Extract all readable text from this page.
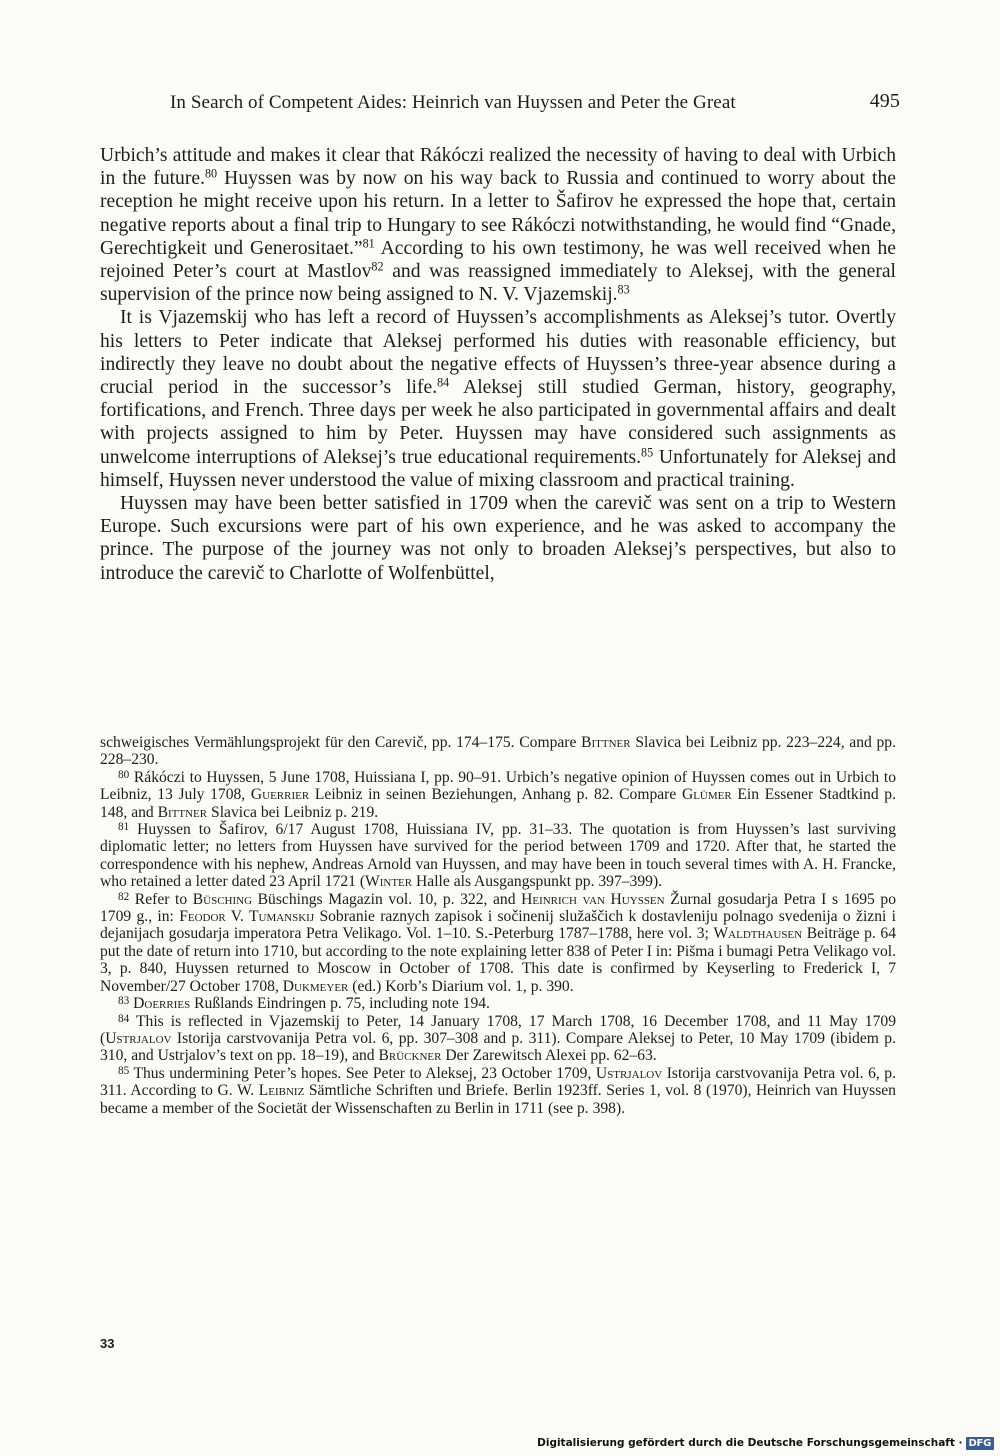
In Search of Competent Aides: Heinrich van Huyssen and Peter the Great	495

Urbich’s attitude and makes it clear that Rákóczi realized the necessity of having to deal with Urbich in the future.$^{80}$ Huyssen was by now on his way back to Russia and continued to worry about the reception he might receive upon his return. In a letter to Šafirov he expressed the hope that, certain negative reports about a final trip to Hungary to see Rákóczi notwithstanding, he would find “Gnade, Gerechtigkeit und Generositaet.”$^{81}$ According to his own testimony, he was well received when he rejoined Peter’s court at Mastlov$^{82}$ and was reassigned immediately to Aleksej, with the general supervision of the prince now being assigned to N. V. Vjazemskij.$^{83}$

It is Vjazemskij who has left a record of Huyssen’s accomplishments as Aleksej’s tutor. Overtly his letters to Peter indicate that Aleksej performed his duties with reasonable efficiency, but indirectly they leave no doubt about the negative effects of Huyssen’s three-year absence during a crucial period in the successor’s life.$^{84}$ Aleksej still studied German, history, geography, fortifications, and French. Three days per week he also participated in governmental affairs and dealt with projects assigned to him by Peter. Huyssen may have considered such assignments as unwelcome interruptions of Aleksej’s true educational requirements.$^{85}$ Unfortunately for Aleksej and himself, Huyssen never understood the value of mixing classroom and practical training.

Huyssen may have been better satisfied in 1709 when the carevič was sent on a trip to Western Europe. Such excursions were part of his own experience, and he was asked to accompany the prince. The purpose of the journey was not only to broaden Aleksej’s perspectives, but also to introduce the carevič to Charlotte of Wolfenbüttel,

schweigisches Vermählungsprojekt für den Carevič, pp. 174–175. Compare Bittner Slavica bei Leibniz pp. 223–224, and pp. 228–230.

$^{80}$ Rákóczi to Huyssen, 5 June 1708, Huissiana I, pp. 90–91. Urbich’s negative opinion of Huyssen comes out in Urbich to Leibniz, 13 July 1708, Guerrier Leibniz in seinen Beziehungen, Anhang p. 82. Compare Glümer Ein Essener Stadtkind p. 148, and Bittner Slavica bei Leibniz p. 219.

$^{81}$ Huyssen to Šafirov, 6/17 August 1708, Huissiana IV, pp. 31–33. The quotation is from Huyssen’s last surviving diplomatic letter; no letters from Huyssen have survived for the period between 1709 and 1720. After that, he started the correspondence with his nephew, Andreas Arnold van Huyssen, and may have been in touch several times with A. H. Francke, who retained a letter dated 23 April 1721 (Winter Halle als Ausgangspunkt pp. 397–399).

$^{82}$ Refer to Büsching Büschings Magazin vol. 10, p. 322, and Heinrich van Huyssen Žurnal gosudarja Petra I s 1695 po 1709 g., in: Feodor V. Tumanskij Sobranie raznych zapisok i sočinenij služaščich k dostavleniju polnago svedenija o žizni i dejanijach gosudarja imperatora Petra Velikago. Vol. 1–10. S.-Peterburg 1787–1788, here vol. 3; Waldthausen Beiträge p. 64 put the date of return into 1710, but according to the note explaining letter 838 of Peter I in: Pis̆ma i bumagi Petra Velikago vol. 3, p. 840, Huyssen returned to Moscow in October of 1708. This date is confirmed by Keyserling to Frederick I, 7 November/27 October 1708, Dukmeyer (ed.) Korb’s Diarium vol. 1, p. 390.

$^{83}$ Doerries Rußlands Eindringen p. 75, including note 194.

$^{84}$ This is reflected in Vjazemskij to Peter, 14 January 1708, 17 March 1708, 16 December 1708, and 11 May 1709 (Ustrjalov Istorija carstvovanija Petra vol. 6, pp. 307–308 and p. 311). Compare Aleksej to Peter, 10 May 1709 (ibidem p. 310, and Ustrjalov’s text on pp. 18–19), and Brückner Der Zarewitsch Alexei pp. 62–63.

$^{85}$ Thus undermining Peter’s hopes. See Peter to Aleksej, 23 October 1709, Ustrjalov Istorija carstvovanija Petra vol. 6, p. 311. According to G. W. Leibniz Sämtliche Schriften und Briefe. Berlin 1923ff. Series 1, vol. 8 (1970), Heinrich van Huyssen became a member of the Societät der Wissenschaften zu Berlin in 1711 (see p. 398).

33
Digitalisierung gefördert durch die Deutsche Forschungsgemeinschaft · DFG
